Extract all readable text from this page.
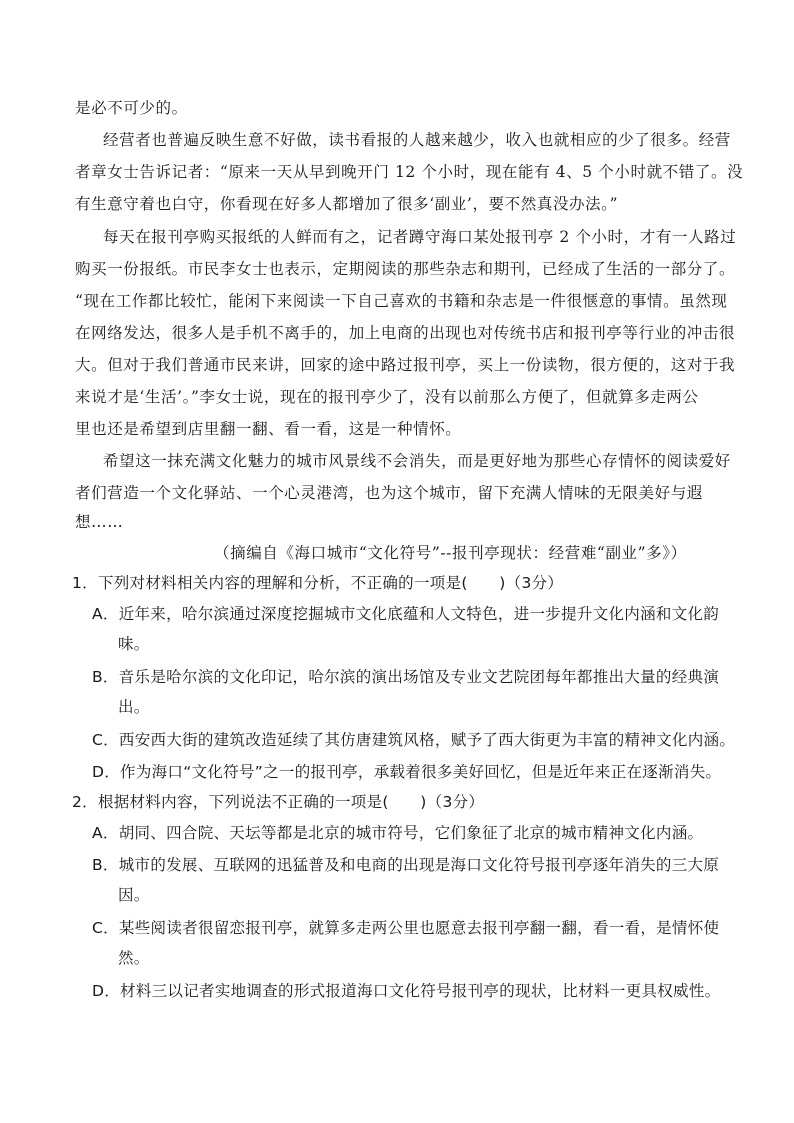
是必不可少的。
经营者也普遍反映生意不好做，读书看报的人越来越少，收入也就相应的少了很多。经营
者章女士告诉记者：“原来一天从早到晚开门 12 个小时，现在能有 4、5 个小时就不错了。没
有生意守着也白守，你看现在好多人都增加了很多‘副业’，要不然真没办法。”
每天在报刊亭购买报纸的人鲜而有之，记者蹲守海口某处报刊亭 2 个小时，才有一人路过
购买一份报纸。市民李女士也表示，定期阅读的那些杂志和期刊，已经成了生活的一部分了。
“现在工作都比较忙，能闲下来阅读一下自己喜欢的书籍和杂志是一件很惬意的事情。虽然现
在网络发达，很多人是手机不离手的，加上电商的出现也对传统书店和报刊亭等行业的冲击很
大。但对于我们普通市民来讲，回家的途中路过报刊亭，买上一份读物，很方便的，这对于我
来说才是‘生活’。”李女士说，现在的报刊亭少了，没有以前那么方便了，但就算多走两公
里也还是希望到店里翻一翻、看一看，这是一种情怀。
希望这一抹充满文化魅力的城市风景线不会消失，而是更好地为那些心存情怀的阅读爱好
者们营造一个文化驿站、一个心灵港湾，也为这个城市，留下充满人情味的无限美好与遐
想……
（摘编自《海口城市“文化符号”--报刊亭现状：经营难“副业”多》）
1．下列对材料相关内容的理解和分析，不正确的一项是(　　)（3分）
A．近年来，哈尔滨通过深度挖掘城市文化底蕴和人文特色，进一步提升文化内涵和文化韵
味。
B．音乐是哈尔滨的文化印记，哈尔滨的演出场馆及专业文艺院团每年都推出大量的经典演
出。
C．西安西大街的建筑改造延续了其仿唐建筑风格，赋予了西大街更为丰富的精神文化内涵。
D．作为海口“文化符号”之一的报刊亭，承载着很多美好回忆，但是近年来正在逐渐消失。
2．根据材料内容，下列说法不正确的一项是(　　)（3分）
A．胡同、四合院、天坛等都是北京的城市符号，它们象征了北京的城市精神文化内涵。
B．城市的发展、互联网的迅猛普及和电商的出现是海口文化符号报刊亭逐年消失的三大原
因。
C．某些阅读者很留恋报刊亭，就算多走两公里也愿意去报刊亭翻一翻，看一看，是情怀使
然。
D．材料三以记者实地调查的形式报道海口文化符号报刊亭的现状，比材料一更具权威性。
